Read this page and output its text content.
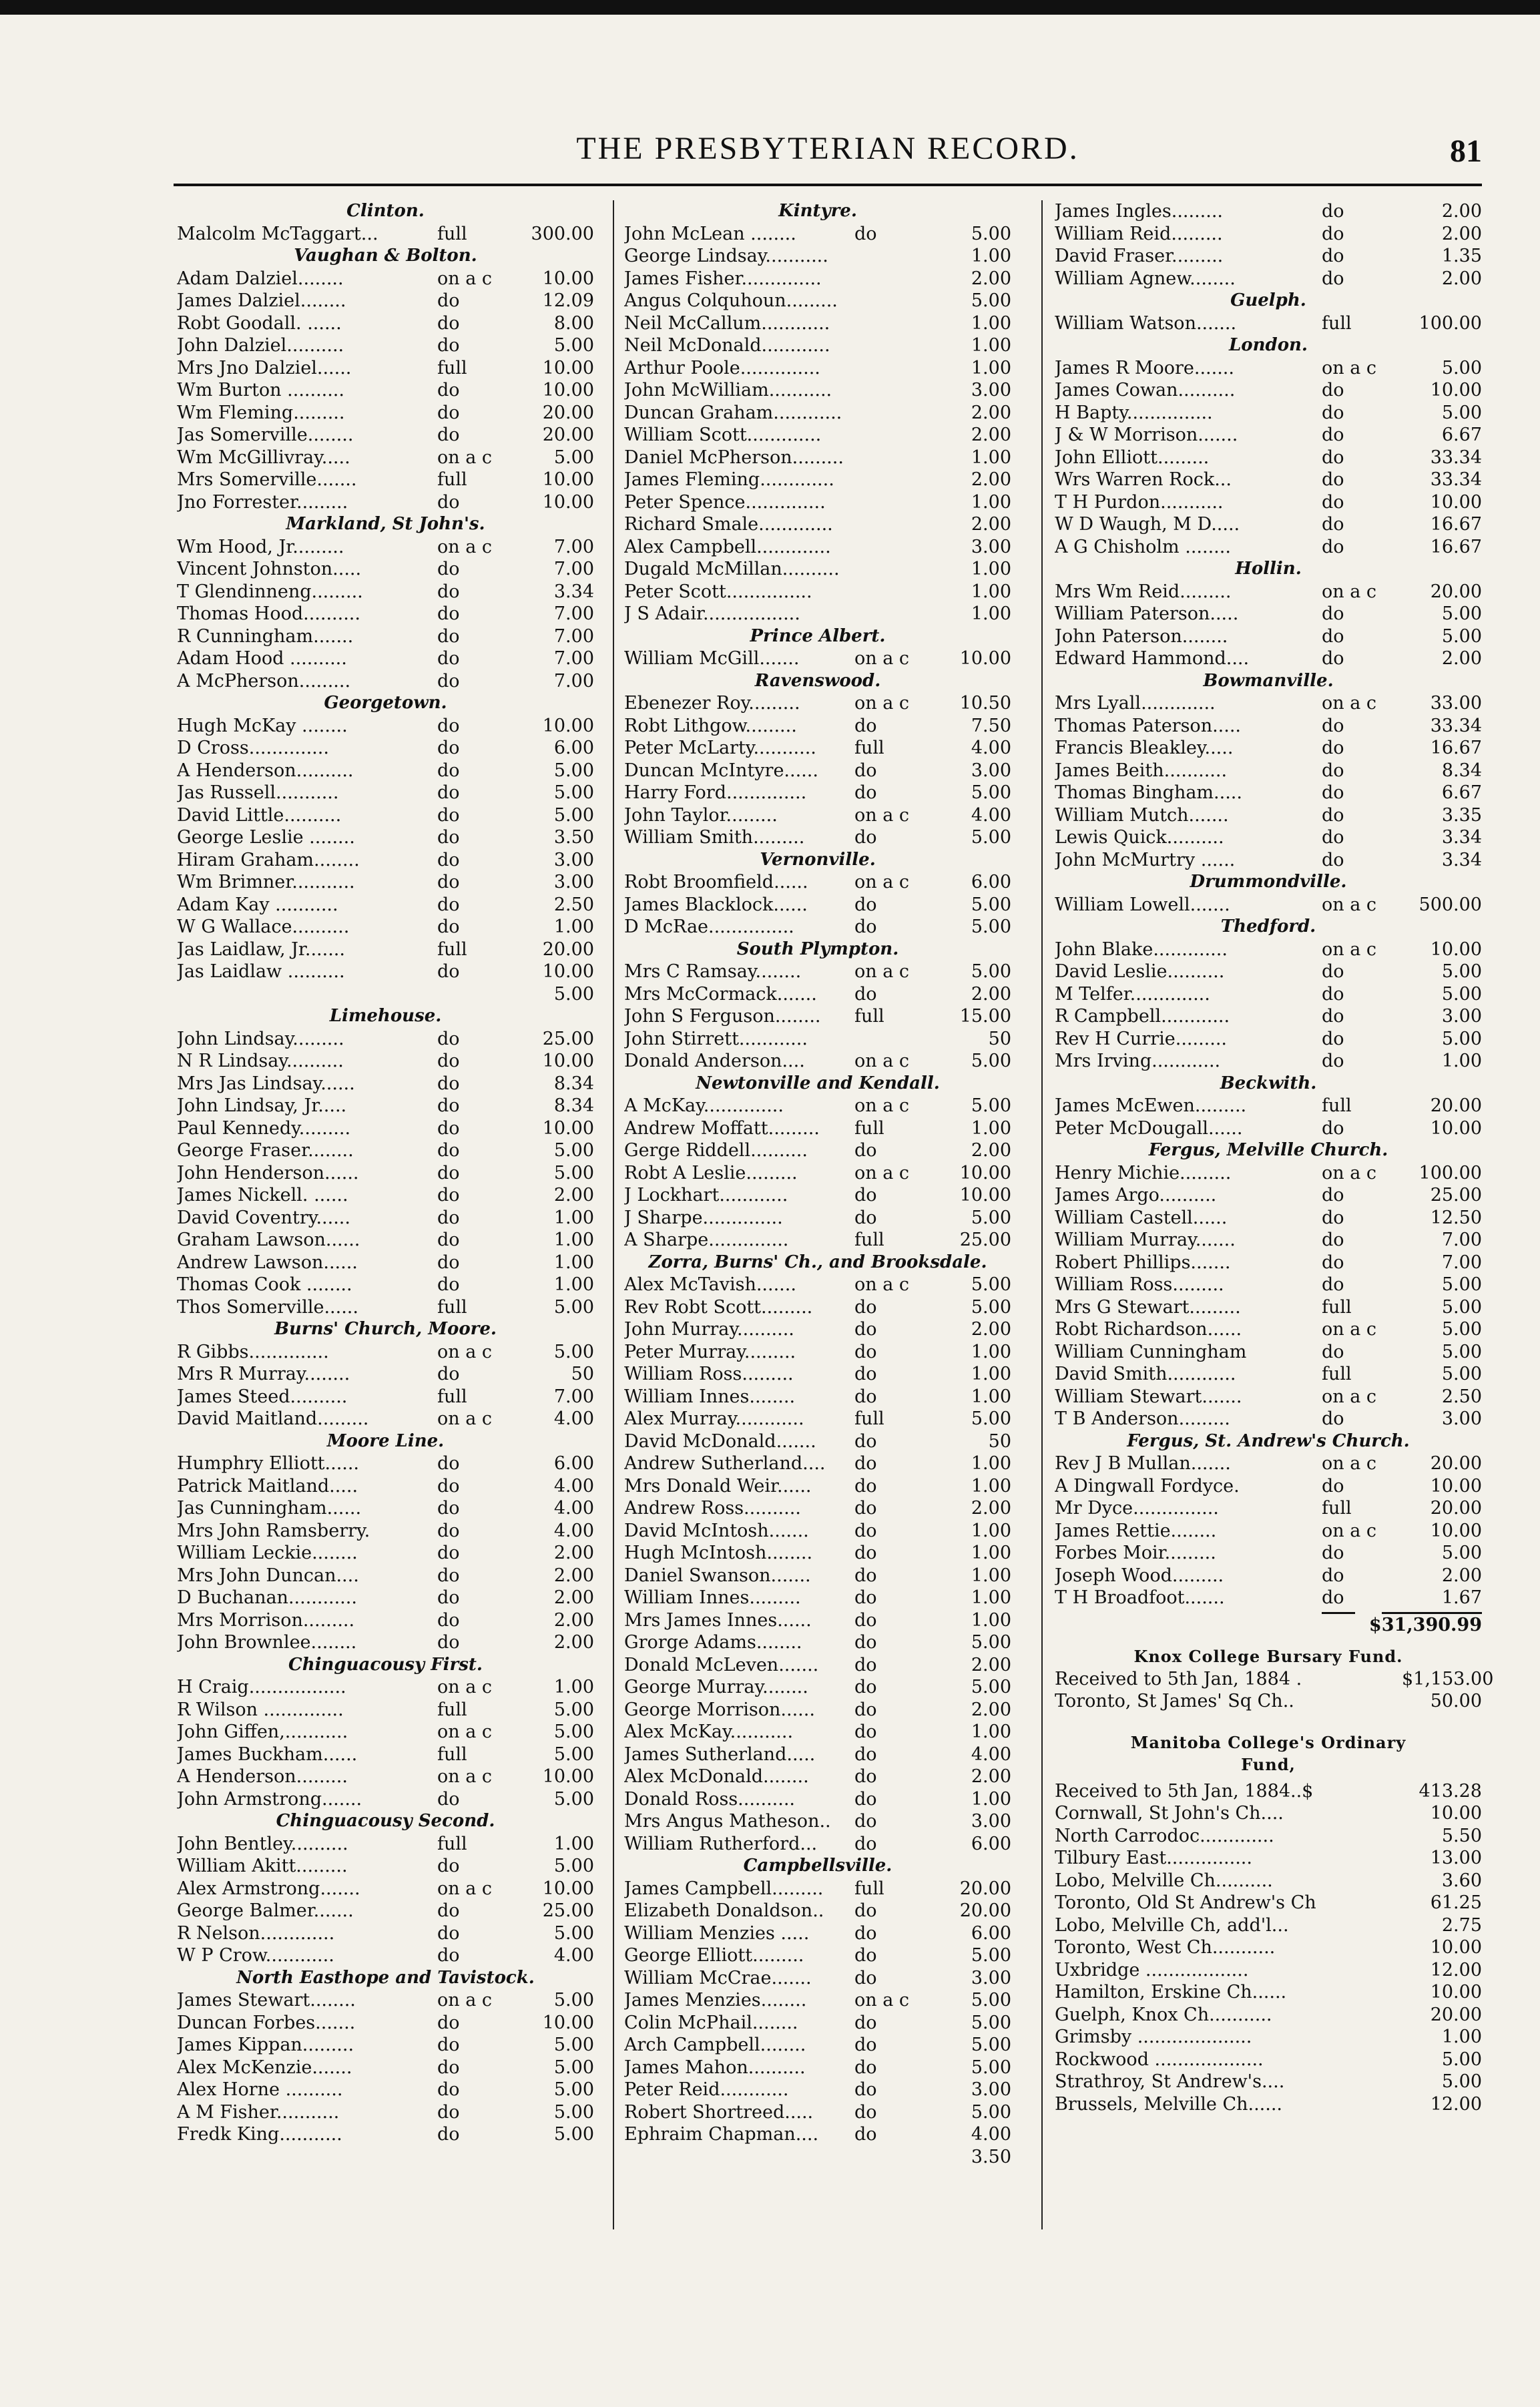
THE PRESBYTERIAN RECORD.	81
Clinton.
Malcolm McTaggart...	full	300.00
Vaughan & Bolton.
Adam Dalziel........	on a c	10.00
James Dalziel........	do	12.09
Robt Goodall. ......	do	8.00
John Dalziel..........	do	5.00
Mrs Jno Dalziel......	full	10.00
Wm Burton ..........	do	10.00
Wm Fleming.........	do	20.00
Jas Somerville........	do	20.00
Wm McGillivray.....	on a c	5.00
Mrs Somerville.......	full	10.00
Jno Forrester.........	do	10.00
Markland, St John's.
Wm Hood, Jr.........	on a c	7.00
Vincent Johnston.....	do	7.00
T Glendinneng.........	do	3.34
Thomas Hood..........	do	7.00
R Cunningham.......	do	7.00
Adam Hood ..........	do	7.00
A McPherson.........	do	7.00
Georgetown.
Hugh McKay ........	do	10.00
D Cross..............	do	6.00
A Henderson..........	do	5.00
Jas Russell...........	do	5.00
David Little..........	do	5.00
George Leslie ........	do	3.50
Hiram Graham........	do	3.00
Wm Brimner...........	do	3.00
Adam Kay ...........	do	2.50
W G Wallace..........	do	1.00
Jas Laidlaw, Jr.......	full	20.00
Jas Laidlaw ..........	do	10.00
5.00
Limehouse.
John Lindsay.........	do	25.00
N R Lindsay..........	do	10.00
Mrs Jas Lindsay......	do	8.34
John Lindsay, Jr.....	do	8.34
Paul Kennedy.........	do	10.00
George Fraser........	do	5.00
John Henderson......	do	5.00
James Nickell. ......	do	2.00
David Coventry......	do	1.00
Graham Lawson......	do	1.00
Andrew Lawson......	do	1.00
Thomas Cook ........	do	1.00
Thos Somerville......	full	5.00
Burns' Church, Moore.
R Gibbs..............	on a c	5.00
Mrs R Murray........	do	50
James Steed..........	full	7.00
David Maitland.........	on a c	4.00
Moore Line.
Humphry Elliott......	do	6.00
Patrick Maitland.....	do	4.00
Jas Cunningham......	do	4.00
Mrs John Ramsberry.	do	4.00
William Leckie........	do	2.00
Mrs John Duncan....	do	2.00
D Buchanan............	do	2.00
Mrs Morrison.........	do	2.00
John Brownlee........	do	2.00
Chinguacousy First.
H Craig.................	on a c	1.00
R Wilson ..............	full	5.00
John Giffen,...........	on a c	5.00
James Buckham......	full	5.00
A Henderson.........	on a c	10.00
John Armstrong.......	do	5.00
Chinguacousy Second.
John Bentley..........	full	1.00
William Akitt.........	do	5.00
Alex Armstrong.......	on a c	10.00
George Balmer.......	do	25.00
R Nelson.............	do	5.00
W P Crow............	do	4.00
North Easthope and Tavistock.
James Stewart........	on a c	5.00
Duncan Forbes.......	do	10.00
James Kippan.........	do	5.00
Alex McKenzie.......	do	5.00
Alex Horne ..........	do	5.00
A M Fisher...........	do	5.00
Fredk King...........	do	5.00
Kintyre.
John McLean ........	do	5.00
George Lindsay...........	1.00
James Fisher..............	2.00
Angus Colquhoun.........	5.00
Neil McCallum............	1.00
Neil McDonald............	1.00
Arthur Poole..............	1.00
John McWilliam...........	3.00
Duncan Graham............	2.00
William Scott.............	2.00
Daniel McPherson.........	1.00
James Fleming.............	2.00
Peter Spence..............	1.00
Richard Smale.............	2.00
Alex Campbell.............	3.00
Dugald McMillan..........	1.00
Peter Scott...............	1.00
J S Adair.................	1.00
Prince Albert.
William McGill.......	on a c	10.00
Ravenswood.
Ebenezer Roy.........	on a c	10.50
Robt Lithgow.........	do	7.50
Peter McLarty...........	full	4.00
Duncan McIntyre......	do	3.00
Harry Ford..............	do	5.00
John Taylor.........	on a c	4.00
William Smith.........	do	5.00
Vernonville.
Robt Broomfield......	on a c	6.00
James Blacklock......	do	5.00
D McRae...............	do	5.00
South Plympton.
Mrs C Ramsay........	on a c	5.00
Mrs McCormack.......	do	2.00
John S Ferguson........	full	15.00
John Stirrett............	50
Donald Anderson....	on a c	5.00
Newtonville and Kendall.
A McKay..............	on a c	5.00
Andrew Moffatt.........	full	1.00
Gerge Riddell..........	do	2.00
Robt A Leslie.........	on a c	10.00
J Lockhart............	do	10.00
J Sharpe..............	do	5.00
A Sharpe..............	full	25.00
Zorra, Burns' Ch., and Brooksdale.
Alex McTavish.......	on a c	5.00
Rev Robt Scott.........	do	5.00
John Murray..........	do	2.00
Peter Murray.........	do	1.00
William Ross.........	do	1.00
William Innes........	do	1.00
Alex Murray............	full	5.00
David McDonald.......	do	50
Andrew Sutherland....	do	1.00
Mrs Donald Weir......	do	1.00
Andrew Ross..........	do	2.00
David McIntosh.......	do	1.00
Hugh McIntosh........	do	1.00
Daniel Swanson.......	do	1.00
William Innes.........	do	1.00
Mrs James Innes......	do	1.00
Grorge Adams........	do	5.00
Donald McLeven.......	do	2.00
George Murray........	do	5.00
George Morrison......	do	2.00
Alex McKay...........	do	1.00
James Sutherland.....	do	4.00
Alex McDonald........	do	2.00
Donald Ross..........	do	1.00
Mrs Angus Matheson..	do	3.00
William Rutherford...	do	6.00
Campbellsville.
James Campbell.........	full	20.00
Elizabeth Donaldson..	do	20.00
William Menzies .....	do	6.00
George Elliott.........	do	5.00
William McCrae.......	do	3.00
James Menzies........	on a c	5.00
Colin McPhail........	do	5.00
Arch Campbell........	do	5.00
James Mahon..........	do	5.00
Peter Reid............	do	3.00
Robert Shortreed.....	do	5.00
Ephraim Chapman....	do	4.00
3.50
James Ingles.........	do	2.00
William Reid.........	do	2.00
David Fraser.........	do	1.35
William Agnew........	do	2.00
Guelph.
William Watson.......	full	100.00
London.
James R Moore.......	on a c	5.00
James Cowan..........	do	10.00
H Bapty...............	do	5.00
J & W Morrison.......	do	6.67
John Elliott.........	do	33.34
Wrs Warren Rock...	do	33.34
T H Purdon...........	do	10.00
W D Waugh, M D.....	do	16.67
A G Chisholm ........	do	16.67
Hollin.
Mrs Wm Reid.........	on a c	20.00
William Paterson.....	do	5.00
John Paterson........	do	5.00
Edward Hammond....	do	2.00
Bowmanville.
Mrs Lyall.............	on a c	33.00
Thomas Paterson.....	do	33.34
Francis Bleakley.....	do	16.67
James Beith...........	do	8.34
Thomas Bingham.....	do	6.67
William Mutch.......	do	3.35
Lewis Quick..........	do	3.34
John McMurtry ......	do	3.34
Drummondville.
William Lowell.......	on a c	500.00
Thedford.
John Blake.............	on a c	10.00
David Leslie..........	do	5.00
M Telfer..............	do	5.00
R Campbell............	do	3.00
Rev H Currie.........	do	5.00
Mrs Irving............	do	1.00
Beckwith.
James McEwen.........	full	20.00
Peter McDougall......	do	10.00
Fergus, Melville Church.
Henry Michie.........	on a c	100.00
James Argo..........	do	25.00
William Castell......	do	12.50
William Murray.......	do	7.00
Robert Phillips.......	do	7.00
William Ross.........	do	5.00
Mrs G Stewart.........	full	5.00
Robt Richardson......	on a c	5.00
William Cunningham	do	5.00
David Smith............	full	5.00
William Stewart.......	on a c	2.50
T B Anderson.........	do	3.00
Fergus, St. Andrew's Church.
Rev J B Mullan.......	on a c	20.00
A Dingwall Fordyce.	do	10.00
Mr Dyce...............	full	20.00
James Rettie........	on a c	10.00
Forbes Moir.........	do	5.00
Joseph Wood.........	do	2.00
T H Broadfoot.......	do	1.67
$31,390.99
Knox College Bursary Fund.
Received to 5th Jan, 1884 .	$1,153.00
Toronto, St James' Sq Ch..	50.00
Manitoba College's Ordinary
Fund,
Received to 5th Jan, 1884..$	413.28
Cornwall, St John's Ch....	10.00
North Carrodoc.............	5.50
Tilbury East...............	13.00
Lobo, Melville Ch..........	3.60
Toronto, Old St Andrew's Ch	61.25
Lobo, Melville Ch, add'l...	2.75
Toronto, West Ch...........	10.00
Uxbridge ..................	12.00
Hamilton, Erskine Ch......	10.00
Guelph, Knox Ch...........	20.00
Grimsby ....................	1.00
Rockwood ...................	5.00
Strathroy, St Andrew's....	5.00
Brussels, Melville Ch......	12.00
